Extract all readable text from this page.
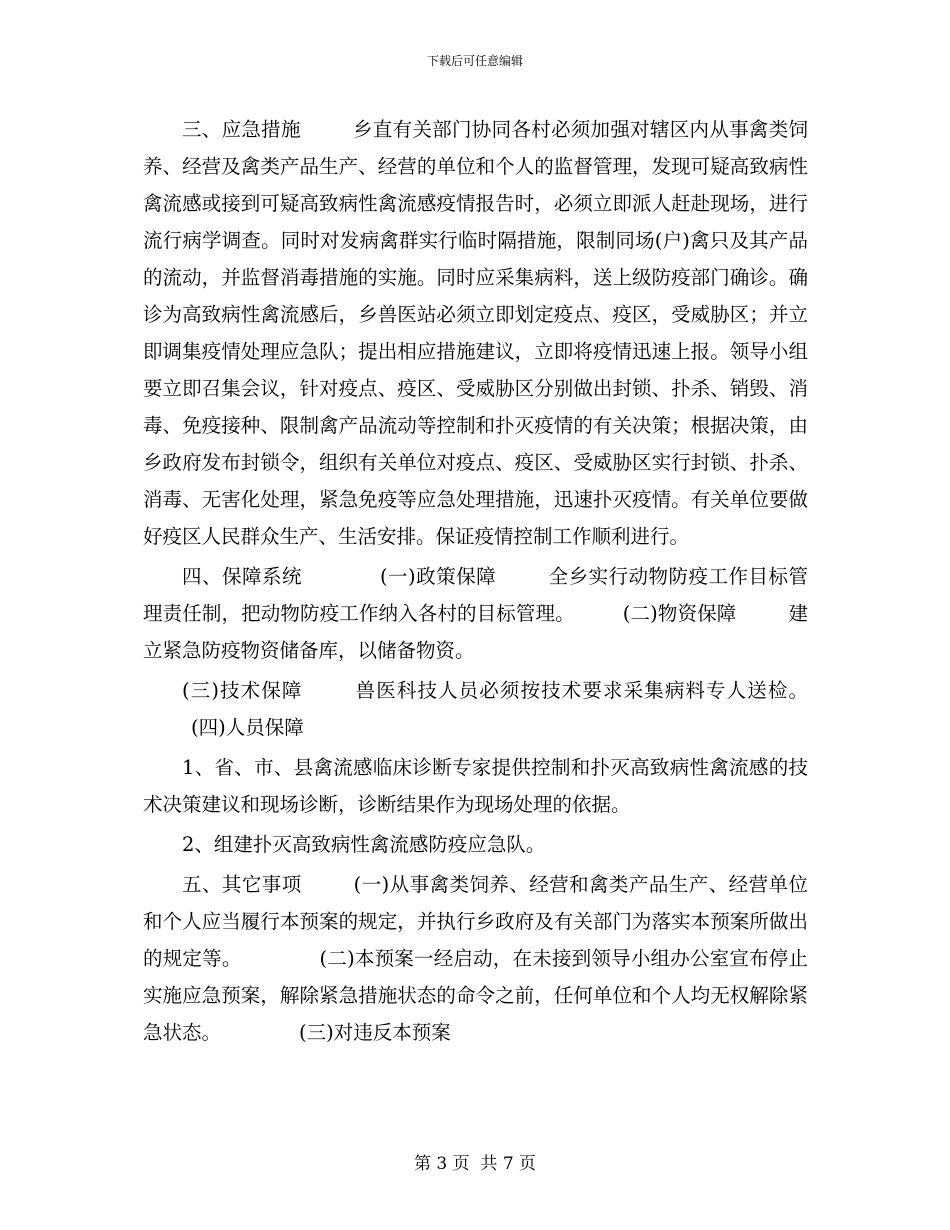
下载后可任意编辑

三、应急措施	乡直有关部门协同各村必须加强对辖区内从事禽类饲养、经营及禽类产品生产、经营的单位和个人的监督管理，发现可疑高致病性禽流感或接到可疑高致病性禽流感疫情报告时，必须立即派人赶赴现场，进行流行病学调查。同时对发病禽群实行临时隔措施，限制同场(户)禽只及其产品的流动，并监督消毒措施的实施。同时应采集病料，送上级防疫部门确诊。确诊为高致病性禽流感后，乡兽医站必须立即划定疫点、疫区，受威胁区；并立即调集疫情处理应急队；提出相应措施建议，立即将疫情迅速上报。领导小组要立即召集会议，针对疫点、疫区、受威胁区分别做出封锁、扑杀、销毁、消毒、免疫接种、限制禽产品流动等控制和扑灭疫情的有关决策；根据决策，由乡政府发布封锁令，组织有关单位对疫点、疫区、受威胁区实行封锁、扑杀、消毒、无害化处理，紧急免疫等应急处理措施，迅速扑灭疫情。有关单位要做好疫区人民群众生产、生活安排。保证疫情控制工作顺利进行。

四、保障系统	(一)政策保障	全乡实行动物防疫工作目标管理责任制，把动物防疫工作纳入各村的目标管理。 (二)物资保障	建立紧急防疫物资储备库，以储备物资。

(三)技术保障	兽医科技人员必须按技术要求采集病料专人送检。(四)人员保障

1、省、市、县禽流感临床诊断专家提供控制和扑灭高致病性禽流感的技术决策建议和现场诊断，诊断结果作为现场处理的依据。

2、组建扑灭高致病性禽流感防疫应急队。

五、其它事项	(一)从事禽类饲养、经营和禽类产品生产、经营单位和个人应当履行本预案的规定，并执行乡政府及有关部门为落实本预案所做出的规定等。	(二)本预案一经启动，在未接到领导小组办公室宣布停止实施应急预案，解除紧急措施状态的命令之前，任何单位和个人均无权解除紧急状态。	(三)对违反本预案

第 3 页  共 7 页
